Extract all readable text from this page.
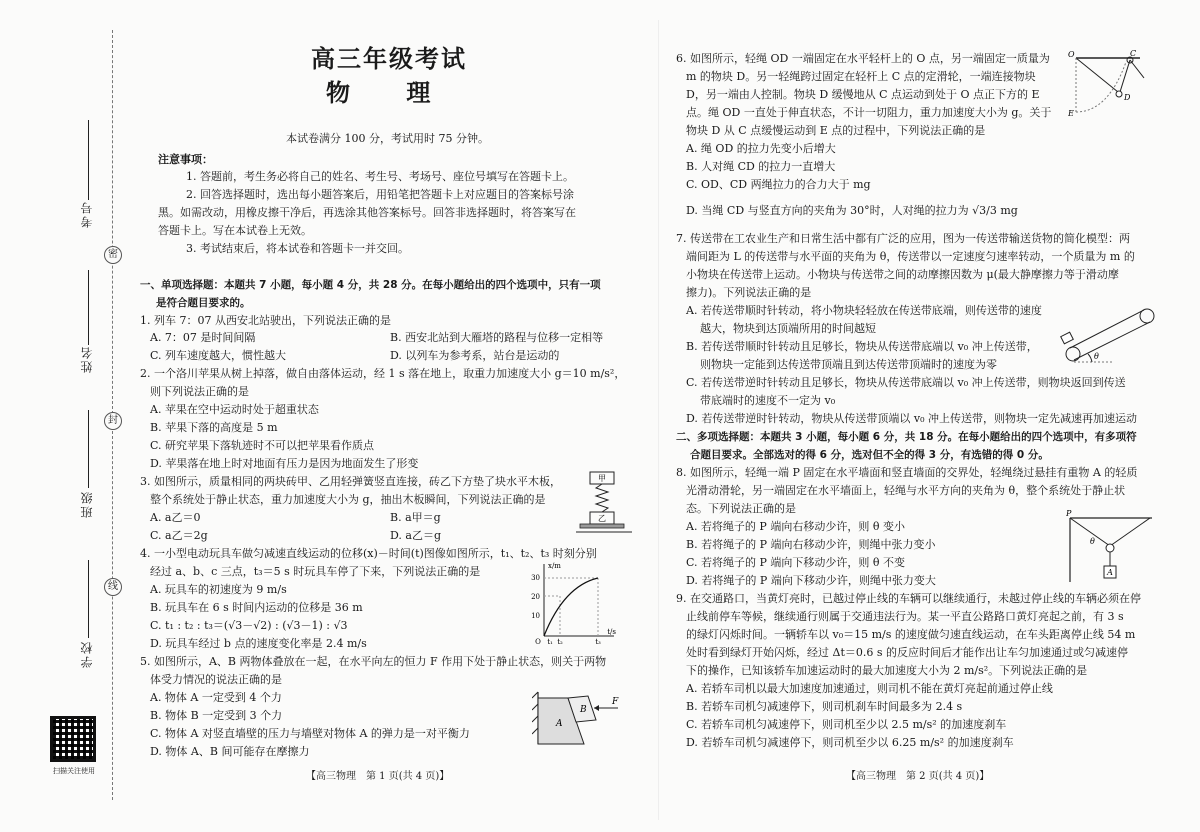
密
封
线
考号
姓名
班级
学校
扫描关注使用
高三年级考试
物 理
本试卷满分 100 分，考试用时 75 分钟。
注意事项：
1. 答题前，考生务必将自己的姓名、考生号、考场号、座位号填写在答题卡上。
2. 回答选择题时，选出每小题答案后，用铅笔把答题卡上对应题目的答案标号涂
黑。如需改动，用橡皮擦干净后，再选涂其他答案标号。回答非选择题时，将答案写在
答题卡上。写在本试卷上无效。
3. 考试结束后，将本试卷和答题卡一并交回。
一、单项选择题：本题共 7 小题，每小题 4 分，共 28 分。在每小题给出的四个选项中，只有一项
是符合题目要求的。
1. 列车 7：07 从西安北站驶出，下列说法正确的是
A. 7：07 是时间间隔	B. 西安北站到大雁塔的路程与位移一定相等
C. 列车速度越大，惯性越大	D. 以列车为参考系，站台是运动的
2. 一个洛川苹果从树上掉落，做自由落体运动，经 1 s 落在地上，取重力加速度大小 g＝10 m/s²，
则下列说法正确的是
A. 苹果在空中运动时处于超重状态
B. 苹果下落的高度是 5 m
C. 研究苹果下落轨迹时不可以把苹果看作质点
D. 苹果落在地上时对地面有压力是因为地面发生了形变
3. 如图所示，质量相同的两块砖甲、乙用轻弹簧竖直连接，砖乙下方垫了块水平木板，
整个系统处于静止状态，重力加速度大小为 g，抽出木板瞬间，下列说法正确的是
A. a乙＝0	B. a甲＝g
C. a乙＝2g	D. a乙＝g
甲
乙
4. 一小型电动玩具车做匀减速直线运动的位移(x)－时间(t)图像如图所示，t₁、t₂、t₃ 时刻分别
经过 a、b、c 三点，t₃＝5 s 时玩具车停了下来，下列说法正确的是
A. 玩具车的初速度为 9 m/s
B. 玩具车在 6 s 时间内运动的位移是 36 m
C. t₁ : t₂ : t₃＝(√3－√2) : (√3－1) : √3
D. 玩具车经过 b 点的速度变化率是 2.4 m/s
30
20
10
t₁ t₂	t₃
O
x/m
t/s
5. 如图所示，A、B 两物体叠放在一起，在水平向左的恒力 F 作用下处于静止状态，则关于两物
体受力情况的说法正确的是
A. 物体 A 一定受到 4 个力
B. 物体 B 一定受到 3 个力
C. 物体 A 对竖直墙壁的压力与墙壁对物体 A 的弹力是一对平衡力
D. 物体 A、B 间可能存在摩擦力
A
B
F
【高三物理　第 1 页(共 4 页)】
6. 如图所示，轻绳 OD 一端固定在水平轻杆上的 O 点，另一端固定一质量为
m 的物块 D。另一轻绳跨过固定在轻杆上 C 点的定滑轮，一端连接物块
D，另一端由人控制。物块 D 缓慢地从 C 点运动到处于 O 点正下方的 E
点。绳 OD 一直处于伸直状态，不计一切阻力，重力加速度大小为 g。关于
物块 D 从 C 点缓慢运动到 E 点的过程中，下列说法正确的是
A. 绳 OD 的拉力先变小后增大
B. 人对绳 CD 的拉力一直增大
C. OD、CD 两绳拉力的合力大于 mg
D. 当绳 CD 与竖直方向的夹角为 30°时，人对绳的拉力为 √3/3 mg
O	C
D
E
7. 传送带在工农业生产和日常生活中都有广泛的应用，图为一传送带输送货物的简化模型：两
端间距为 L 的传送带与水平面的夹角为 θ，传送带以一定速度匀速率转动，一个质量为 m 的
小物块在传送带上运动。小物块与传送带之间的动摩擦因数为 μ(最大静摩擦力等于滑动摩
擦力)。下列说法正确的是
A. 若传送带顺时针转动，将小物块轻轻放在传送带底端，则传送带的速度
越大，物块到达顶端所用的时间越短
B. 若传送带顺时针转动且足够长，物块从传送带底端以 v₀ 冲上传送带，
则物块一定能到达传送带顶端且到达传送带顶端时的速度为零
C. 若传送带逆时针转动且足够长，物块从传送带底端以 v₀ 冲上传送带，则物块返回到传送
带底端时的速度不一定为 v₀
D. 若传送带逆时针转动，物块从传送带顶端以 v₀ 冲上传送带，则物块一定先减速再加速运动
θ
二、多项选择题：本题共 3 小题，每小题 6 分，共 18 分。在每小题给出的四个选项中，有多项符
合题目要求。全部选对的得 6 分，选对但不全的得 3 分，有选错的得 0 分。
8. 如图所示，轻绳一端 P 固定在水平墙面和竖直墙面的交界处，轻绳绕过悬挂有重物 A 的轻质
光滑动滑轮，另一端固定在水平墙面上，轻绳与水平方向的夹角为 θ，整个系统处于静止状
态。下列说法正确的是
A. 若将绳子的 P 端向右移动少许，则 θ 变小
B. 若将绳子的 P 端向右移动少许，则绳中张力变小
C. 若将绳子的 P 端向下移动少许，则 θ 不变
D. 若将绳子的 P 端向下移动少许，则绳中张力变大
A
P
θ
9. 在交通路口，当黄灯亮时，已越过停止线的车辆可以继续通行，未越过停止线的车辆必须在停
止线前停车等候，继续通行则属于交通违法行为。某一平直公路路口黄灯亮起之前，有 3 s
的绿灯闪烁时间。一辆轿车以 v₀＝15 m/s 的速度做匀速直线运动，在车头距离停止线 54 m
处时看到绿灯开始闪烁，经过 Δt＝0.6 s 的反应时间后才能作出让车匀加速通过或匀减速停
下的操作，已知该轿车加速运动时的最大加速度大小为 2 m/s²。下列说法正确的是
A. 若轿车司机以最大加速度加速通过，则司机不能在黄灯亮起前通过停止线
B. 若轿车司机匀减速停下，则司机刹车时间最多为 2.4 s
C. 若轿车司机匀减速停下，则司机至少以 2.5 m/s² 的加速度刹车
D. 若轿车司机匀减速停下，则司机至少以 6.25 m/s² 的加速度刹车
【高三物理　第 2 页(共 4 页)】
